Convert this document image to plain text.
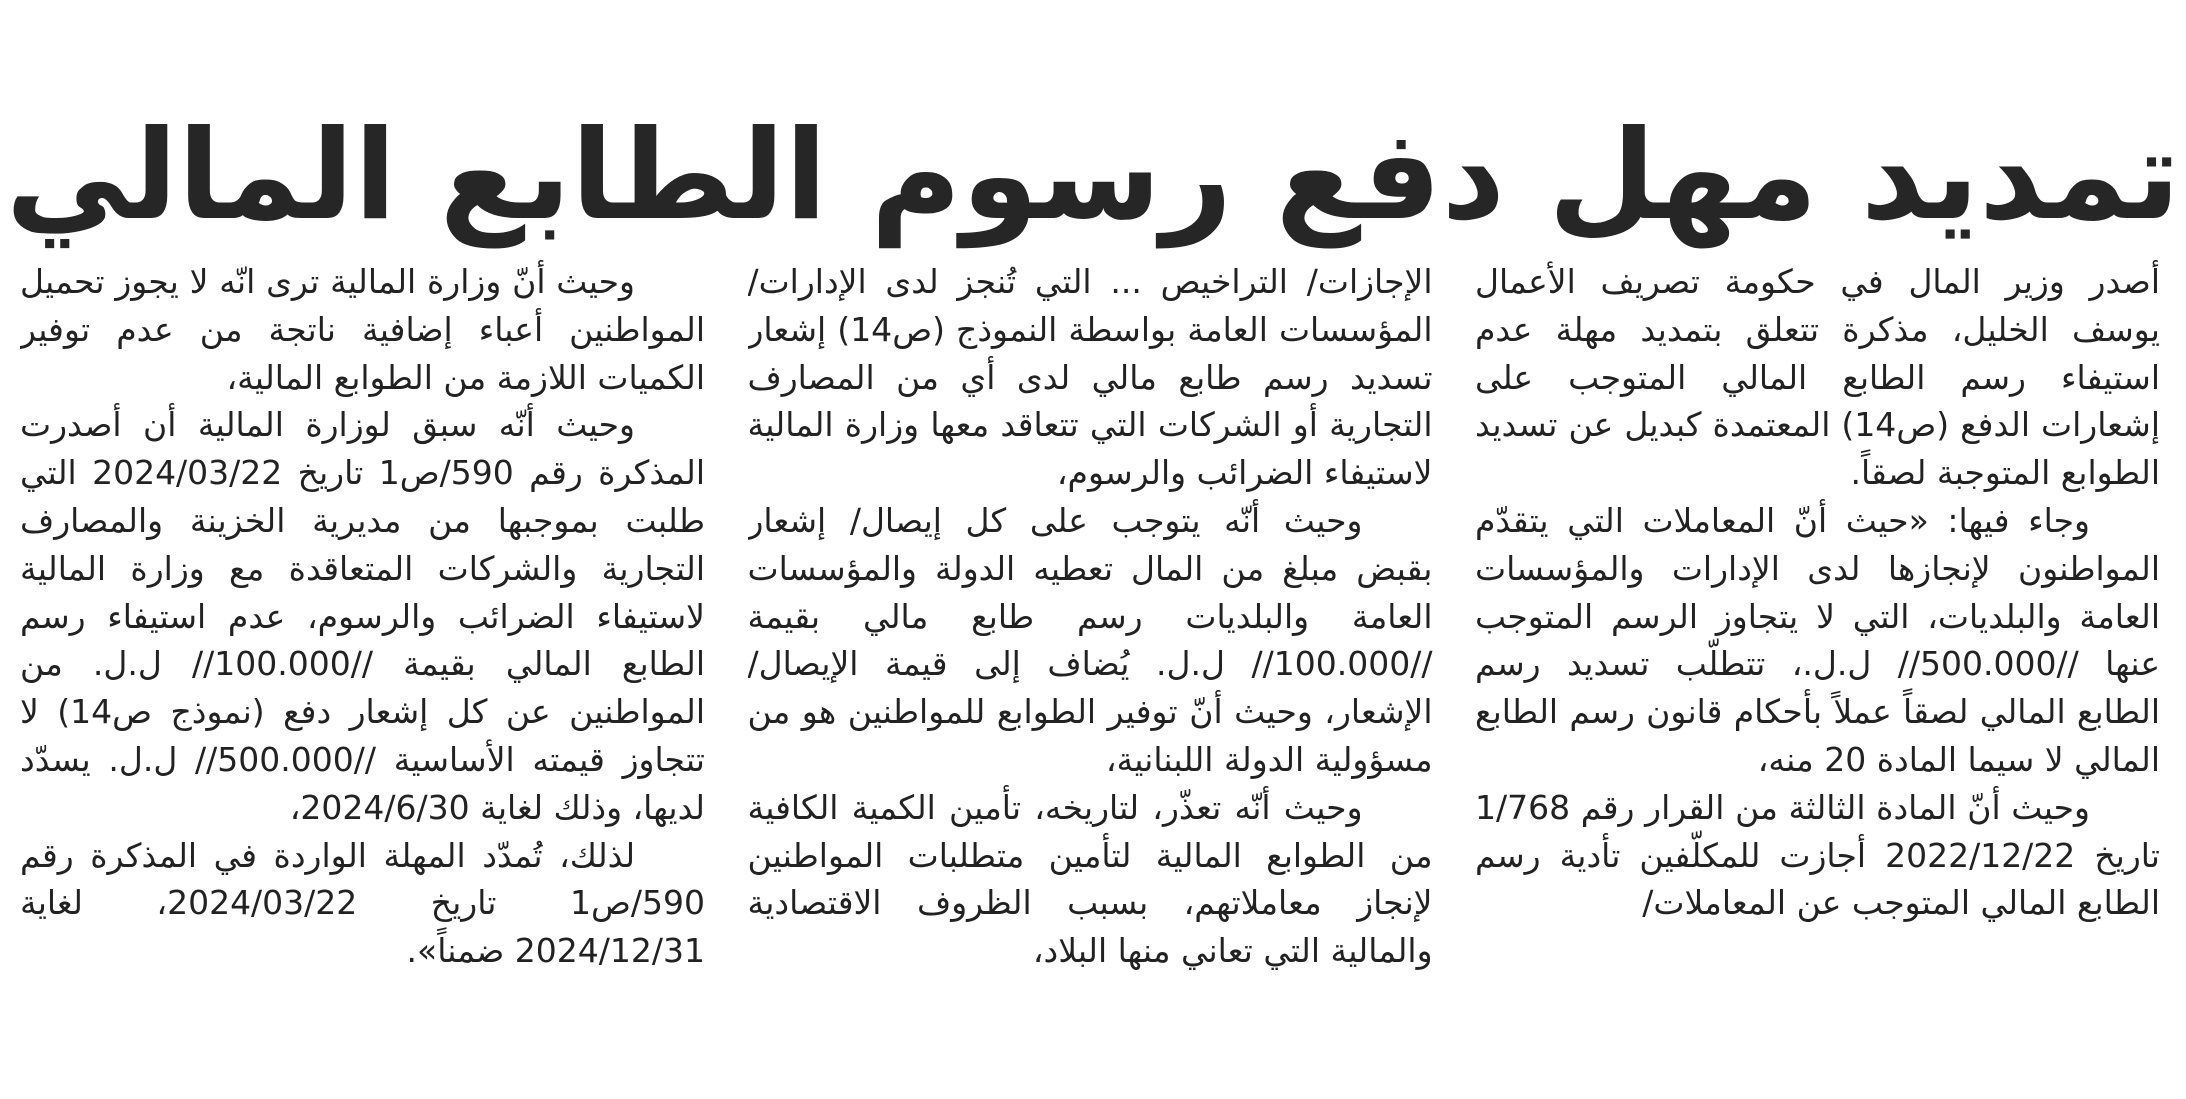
تمديد مهل دفع رسوم الطابع المالي

أصدر وزير المال في حكومة تصريف الأعمال يوسف الخليل، مذكرة تتعلق بتمديد مهلة عدم استيفاء رسم الطابع المالي المتوجب على إشعارات الدفع (ص14) المعتمدة كبديل عن تسديد الطوابع المتوجبة لصقاً.

وجاء فيها: «حيث أنّ المعاملات التي يتقدّم المواطنون لإنجازها لدى الإدارات والمؤسسات العامة والبلديات، التي لا يتجاوز الرسم المتوجب عنها //500.000// ل.ل.، تتطلّب تسديد رسم الطابع المالي لصقاً عملاً بأحكام قانون رسم الطابع المالي لا سيما المادة 20 منه،

وحيث أنّ المادة الثالثة من القرار رقم 1/768 تاريخ 2022/12/22 أجازت للمكلّفين تأدية رسم الطابع المالي المتوجب عن المعاملات/

الإجازات/ التراخيص ... التي تُنجز لدى الإدارات/ المؤسسات العامة بواسطة النموذج (ص14) إشعار تسديد رسم طابع مالي لدى أي من المصارف التجارية أو الشركات التي تتعاقد معها وزارة المالية لاستيفاء الضرائب والرسوم،

وحيث أنّه يتوجب على كل إيصال/ إشعار بقبض مبلغ من المال تعطيه الدولة والمؤسسات العامة والبلديات رسم طابع مالي بقيمة //100.000// ل.ل. يُضاف إلى قيمة الإيصال/ الإشعار، وحيث أنّ توفير الطوابع للمواطنين هو من مسؤولية الدولة اللبنانية،

وحيث أنّه تعذّر، لتاريخه، تأمين الكمية الكافية من الطوابع المالية لتأمين متطلبات المواطنين لإنجاز معاملاتهم، بسبب الظروف الاقتصادية والمالية التي تعاني منها البلاد،

وحيث أنّ وزارة المالية ترى انّه لا يجوز تحميل المواطنين أعباء إضافية ناتجة من عدم توفير الكميات اللازمة من الطوابع المالية،

وحيث أنّه سبق لوزارة المالية أن أصدرت المذكرة رقم 590/ص1 تاريخ 2024/03/22 التي طلبت بموجبها من مديرية الخزينة والمصارف التجارية والشركات المتعاقدة مع وزارة المالية لاستيفاء الضرائب والرسوم، عدم استيفاء رسم الطابع المالي بقيمة //100.000// ل.ل. من المواطنين عن كل إشعار دفع (نموذج ص14) لا تتجاوز قيمته الأساسية //500.000// ل.ل. يسدّد لديها، وذلك لغاية 2024/6/30،

لذلك، تُمدّد المهلة الواردة في المذكرة رقم 590/ص1 تاريخ 2024/03/22، لغاية 2024/12/31 ضمناً».
